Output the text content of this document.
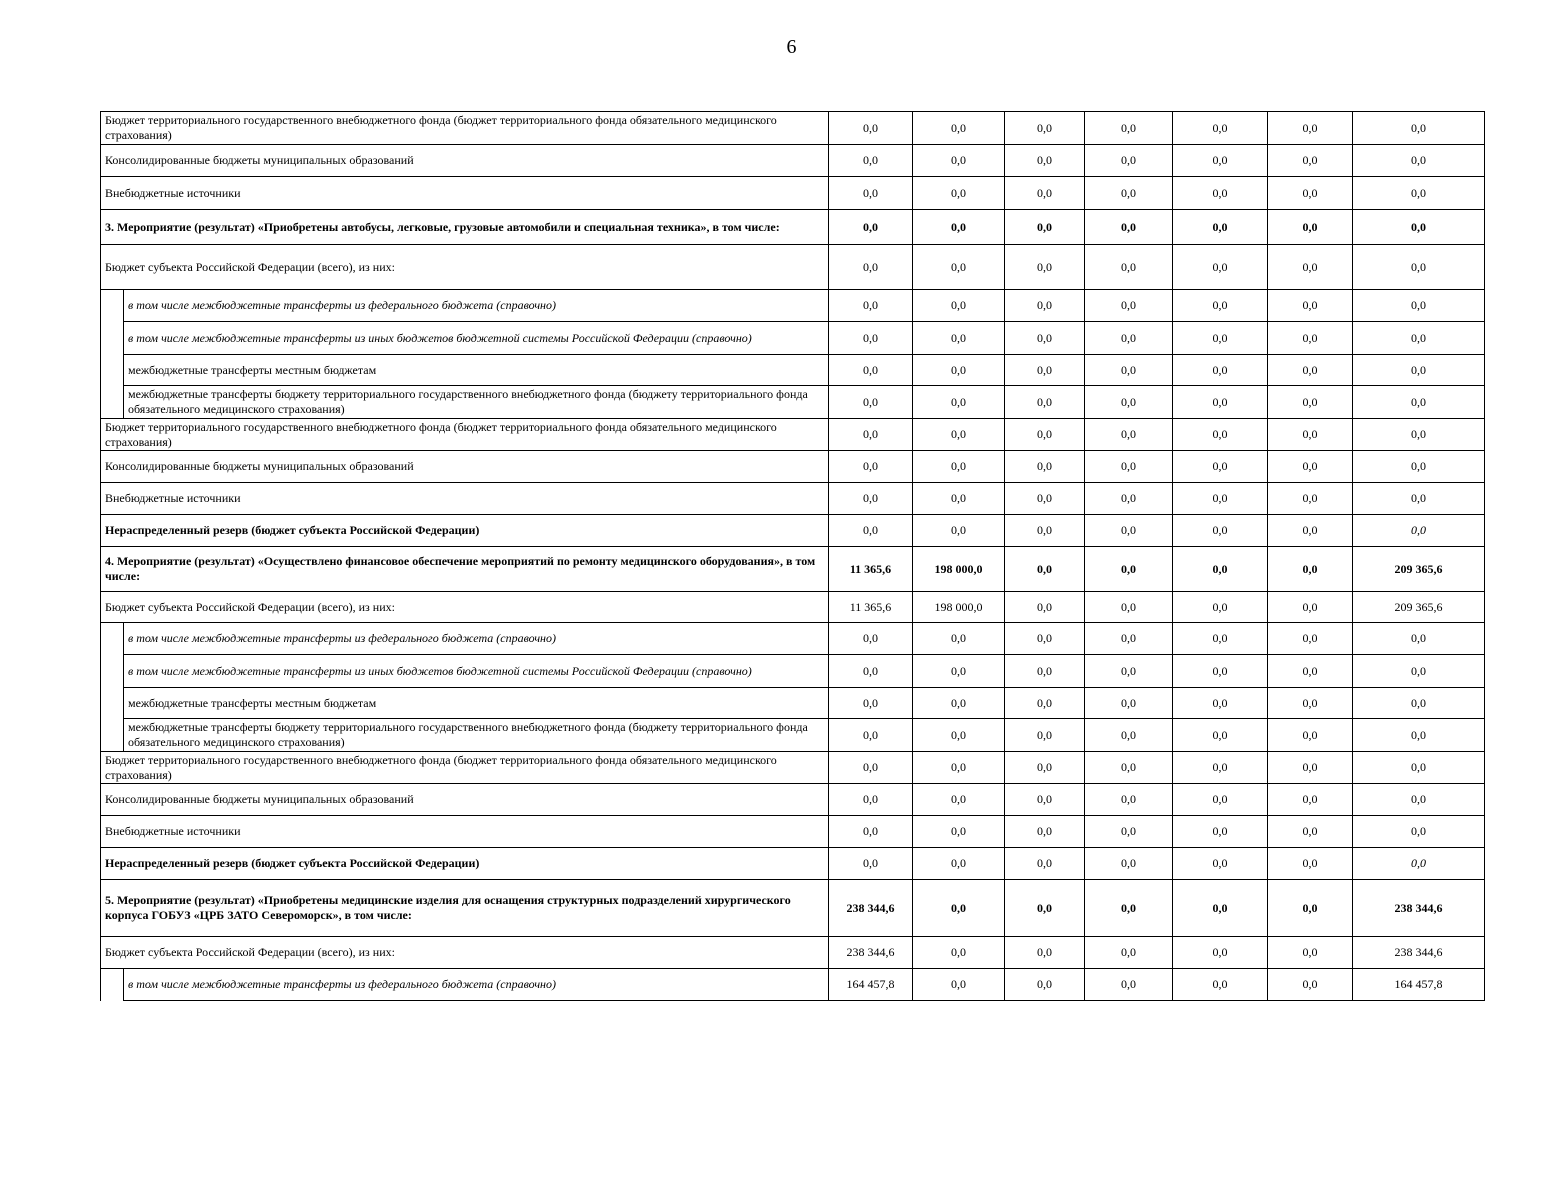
6
Бюджет территориального государственного внебюджетного фонда (бюджет территориального фонда обязательного медицинского страхования)		0,0	0,0	0,0	0,0	0,0	0,0	0,0
Консолидированные бюджеты муниципальных образований		0,0	0,0	0,0	0,0	0,0	0,0	0,0
Внебюджетные источники		0,0	0,0	0,0	0,0	0,0	0,0	0,0
3. Мероприятие (результат) «Приобретены автобусы, легковые, грузовые автомобили и специальная техника», в том числе:		0,0	0,0	0,0	0,0	0,0	0,0	0,0
Бюджет субъекта Российской Федерации (всего), из них:		0,0	0,0	0,0	0,0	0,0	0,0	0,0
	в том числе межбюджетные трансферты из федерального бюджета (справочно)	0,0	0,0	0,0	0,0	0,0	0,0	0,0
	в том числе межбюджетные трансферты из иных бюджетов бюджетной системы Российской Федерации (справочно)	0,0	0,0	0,0	0,0	0,0	0,0	0,0
	межбюджетные трансферты местным бюджетам	0,0	0,0	0,0	0,0	0,0	0,0	0,0
	межбюджетные трансферты бюджету территориального государственного внебюджетного фонда (бюджету территориального фонда обязательного медицинского страхования)	0,0	0,0	0,0	0,0	0,0	0,0	0,0
Бюджет территориального государственного внебюджетного фонда (бюджет территориального фонда обязательного медицинского страхования)		0,0	0,0	0,0	0,0	0,0	0,0	0,0
Консолидированные бюджеты муниципальных образований		0,0	0,0	0,0	0,0	0,0	0,0	0,0
Внебюджетные источники		0,0	0,0	0,0	0,0	0,0	0,0	0,0
Нераспределенный резерв (бюджет субъекта Российской Федерации)		0,0	0,0	0,0	0,0	0,0	0,0	0,0
4. Мероприятие (результат) «Осуществлено финансовое обеспечение мероприятий по ремонту медицинского оборудования», в том числе:		11 365,6	198 000,0	0,0	0,0	0,0	0,0	209 365,6
Бюджет субъекта Российской Федерации (всего), из них:		11 365,6	198 000,0	0,0	0,0	0,0	0,0	209 365,6
	в том числе межбюджетные трансферты из федерального бюджета (справочно)	0,0	0,0	0,0	0,0	0,0	0,0	0,0
	в том числе межбюджетные трансферты из иных бюджетов бюджетной системы Российской Федерации (справочно)	0,0	0,0	0,0	0,0	0,0	0,0	0,0
	межбюджетные трансферты местным бюджетам	0,0	0,0	0,0	0,0	0,0	0,0	0,0
	межбюджетные трансферты бюджету территориального государственного внебюджетного фонда (бюджету территориального фонда обязательного медицинского страхования)	0,0	0,0	0,0	0,0	0,0	0,0	0,0
Бюджет территориального государственного внебюджетного фонда (бюджет территориального фонда обязательного медицинского страхования)		0,0	0,0	0,0	0,0	0,0	0,0	0,0
Консолидированные бюджеты муниципальных образований		0,0	0,0	0,0	0,0	0,0	0,0	0,0
Внебюджетные источники		0,0	0,0	0,0	0,0	0,0	0,0	0,0
Нераспределенный резерв (бюджет субъекта Российской Федерации)		0,0	0,0	0,0	0,0	0,0	0,0	0,0
5. Мероприятие (результат) «Приобретены медицинские изделия для оснащения структурных подразделений хирургического корпуса ГОБУЗ «ЦРБ ЗАТО Североморск», в том числе:		238 344,6	0,0	0,0	0,0	0,0	0,0	238 344,6
Бюджет субъекта Российской Федерации (всего), из них:		238 344,6	0,0	0,0	0,0	0,0	0,0	238 344,6
	в том числе межбюджетные трансферты из федерального бюджета (справочно)	164 457,8	0,0	0,0	0,0	0,0	0,0	164 457,8
